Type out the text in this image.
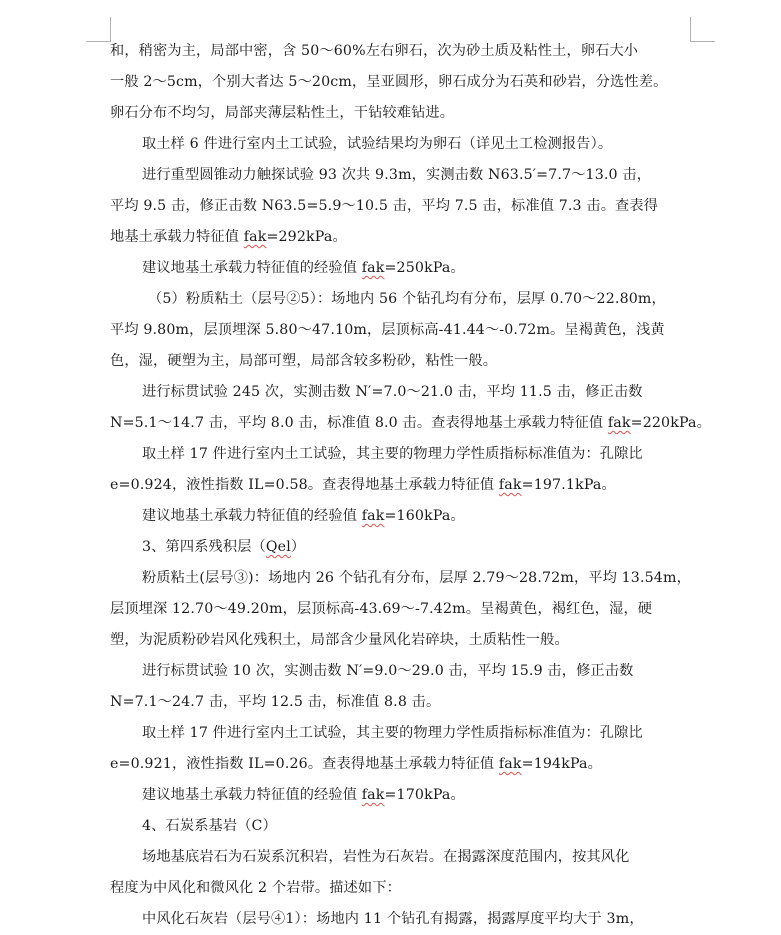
和，稍密为主，局部中密，含 50～60%左右卵石，次为砂土质及粘性土，卵石大小
一般 2～5cm，个别大者达 5～20cm，呈亚圆形，卵石成分为石英和砂岩，分选性差。
卵石分布不均匀，局部夹薄层粘性土，干钻较难钻进。
取土样 6 件进行室内土工试验，试验结果均为卵石（详见土工检测报告）。
进行重型圆锥动力触探试验 93 次共 9.3m，实测击数 N63.5′=7.7～13.0 击，
平均 9.5 击，修正击数 N63.5=5.9～10.5 击，平均 7.5 击，标准值 7.3 击。查表得
地基土承载力特征值 fak=292kPa。
建议地基土承载力特征值的经验值 fak=250kPa。
（5）粉质粘土（层号②5）：场地内 56 个钻孔均有分布，层厚 0.70～22.80m，
平均 9.80m，层顶埋深 5.80～47.10m，层顶标高-41.44～-0.72m。呈褐黄色，浅黄
色，湿，硬塑为主，局部可塑，局部含较多粉砂，粘性一般。
进行标贯试验 245 次，实测击数 N′=7.0～21.0 击，平均 11.5 击，修正击数
N=5.1～14.7 击，平均 8.0 击，标准值 8.0 击。查表得地基土承载力特征值 fak=220kPa。
取土样 17 件进行室内土工试验，其主要的物理力学性质指标标准值为：孔隙比
e=0.924，液性指数 IL=0.58。查表得地基土承载力特征值 fak=197.1kPa。
建议地基土承载力特征值的经验值 fak=160kPa。
3、第四系残积层（Qel）
粉质粘土(层号③)：场地内 26 个钻孔有分布，层厚 2.79～28.72m，平均 13.54m，
层顶埋深 12.70～49.20m，层顶标高-43.69～-7.42m。呈褐黄色，褐红色，湿，硬
塑，为泥质粉砂岩风化残积土，局部含少量风化岩碎块，土质粘性一般。
进行标贯试验 10 次，实测击数 N′=9.0～29.0 击，平均 15.9 击，修正击数
N=7.1～24.7 击，平均 12.5 击，标准值 8.8 击。
取土样 17 件进行室内土工试验，其主要的物理力学性质指标标准值为：孔隙比
e=0.921，液性指数 IL=0.26。查表得地基土承载力特征值 fak=194kPa。
建议地基土承载力特征值的经验值 fak=170kPa。
4、石炭系基岩（C）
场地基底岩石为石炭系沉积岩，岩性为石灰岩。在揭露深度范围内，按其风化
程度为中风化和微风化 2 个岩带。描述如下：
中风化石灰岩（层号④1）：场地内 11 个钻孔有揭露，揭露厚度平均大于 3m，
